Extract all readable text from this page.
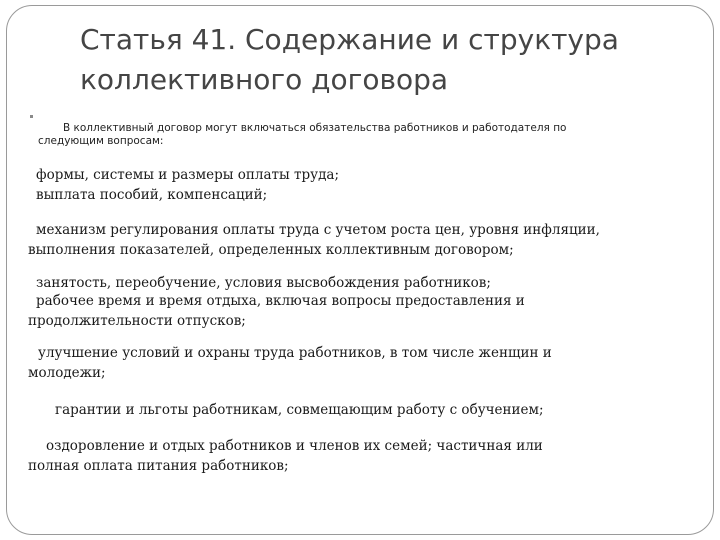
Статья 41. Содержание и структура
коллективного договора
В коллективный договор могут включаться обязательства работников и работодателя по
следующим вопросам:
формы, системы и размеры оплаты труда;
выплата пособий, компенсаций;
механизм регулирования оплаты труда с учетом роста цен, уровня инфляции,
выполнения показателей, определенных коллективным договором;
занятость, переобучение, условия высвобождения работников;
рабочее время и время отдыха, включая вопросы предоставления и
продолжительности отпусков;
улучшение условий и охраны труда работников, в том числе женщин и
молодежи;
гарантии и льготы работникам, совмещающим работу с обучением;
оздоровление и отдых работников и членов их семей; частичная или
полная оплата питания работников;
